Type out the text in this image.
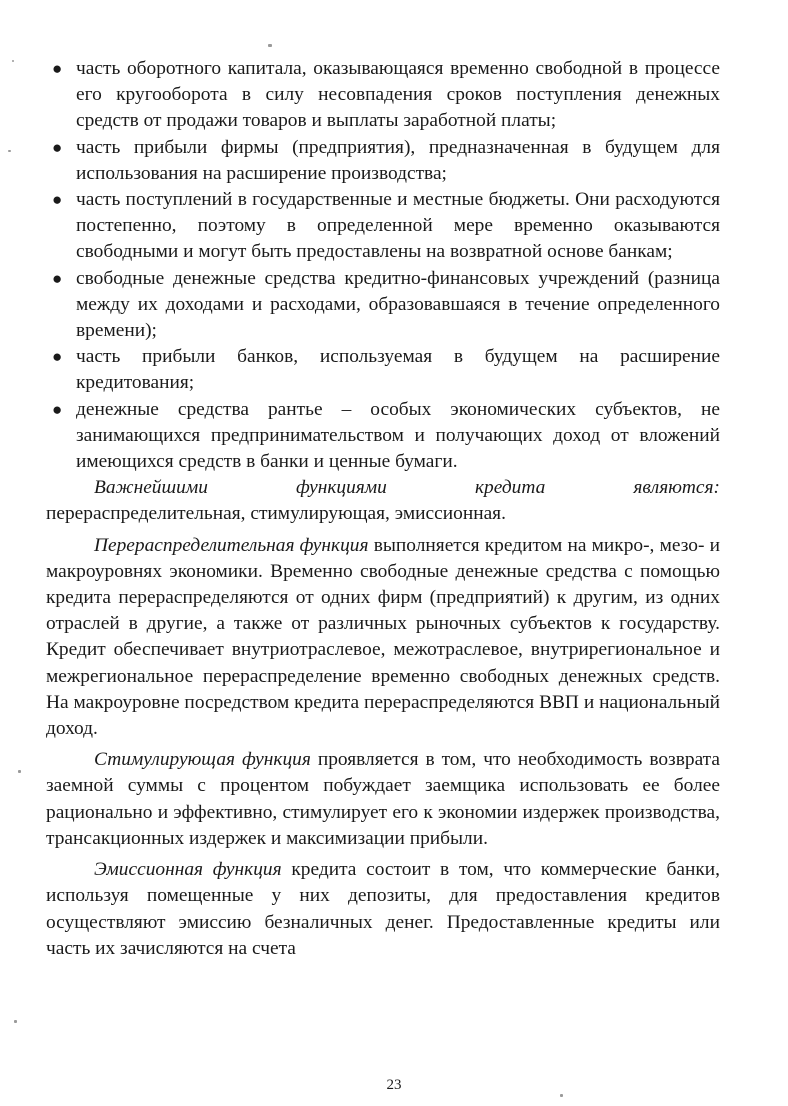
● часть оборотного капитала, оказывающаяся временно свободной в процессе его кругооборота в силу несовпадения сроков поступления денежных средств от продажи товаров и выплаты заработной платы;
● часть прибыли фирмы (предприятия), предназначенная в будущем для использования на расширение производства;
● часть поступлений в государственные и местные бюджеты. Они расходуются постепенно, поэтому в определенной мере временно оказываются свободными и могут быть предоставлены на возвратной основе банкам;
● свободные денежные средства кредитно-финансовых учреждений (разница между их доходами и расходами, образовавшаяся в течение определенного времени);
● часть прибыли банков, используемая в будущем на расширение кредитования;
● денежные средства рантье – особых экономических субъектов, не занимающихся предпринимательством и получающих доход от вложений имеющихся средств в банки и ценные бумаги.

Важнейшими функциями кредита являются:

перераспределительная, стимулирующая, эмиссионная.

Перераспределительная функция выполняется кредитом на микро-, мезо- и макроуровнях экономики. Временно свободные денежные средства с помощью кредита перераспределяются от одних фирм (предприятий) к другим, из одних отраслей в другие, а также от различных рыночных субъектов к государству. Кредит обеспечивает внутриотраслевое, межотраслевое, внутрирегиональное и межрегиональное перераспределение временно свободных денежных средств. На макроуровне посредством кредита перераспределяются ВВП и национальный доход.

Стимулирующая функция проявляется в том, что необходимость возврата заемной суммы с процентом побуждает заемщика использовать ее более рационально и эффективно, стимулирует его к экономии издержек производства, трансакционных издержек и максимизации прибыли.

Эмиссионная функция кредита состоит в том, что коммерческие банки, используя помещенные у них депозиты, для предоставления кредитов осуществляют эмиссию безналичных денег. Предоставленные кредиты или часть их зачисляются на счета

23
